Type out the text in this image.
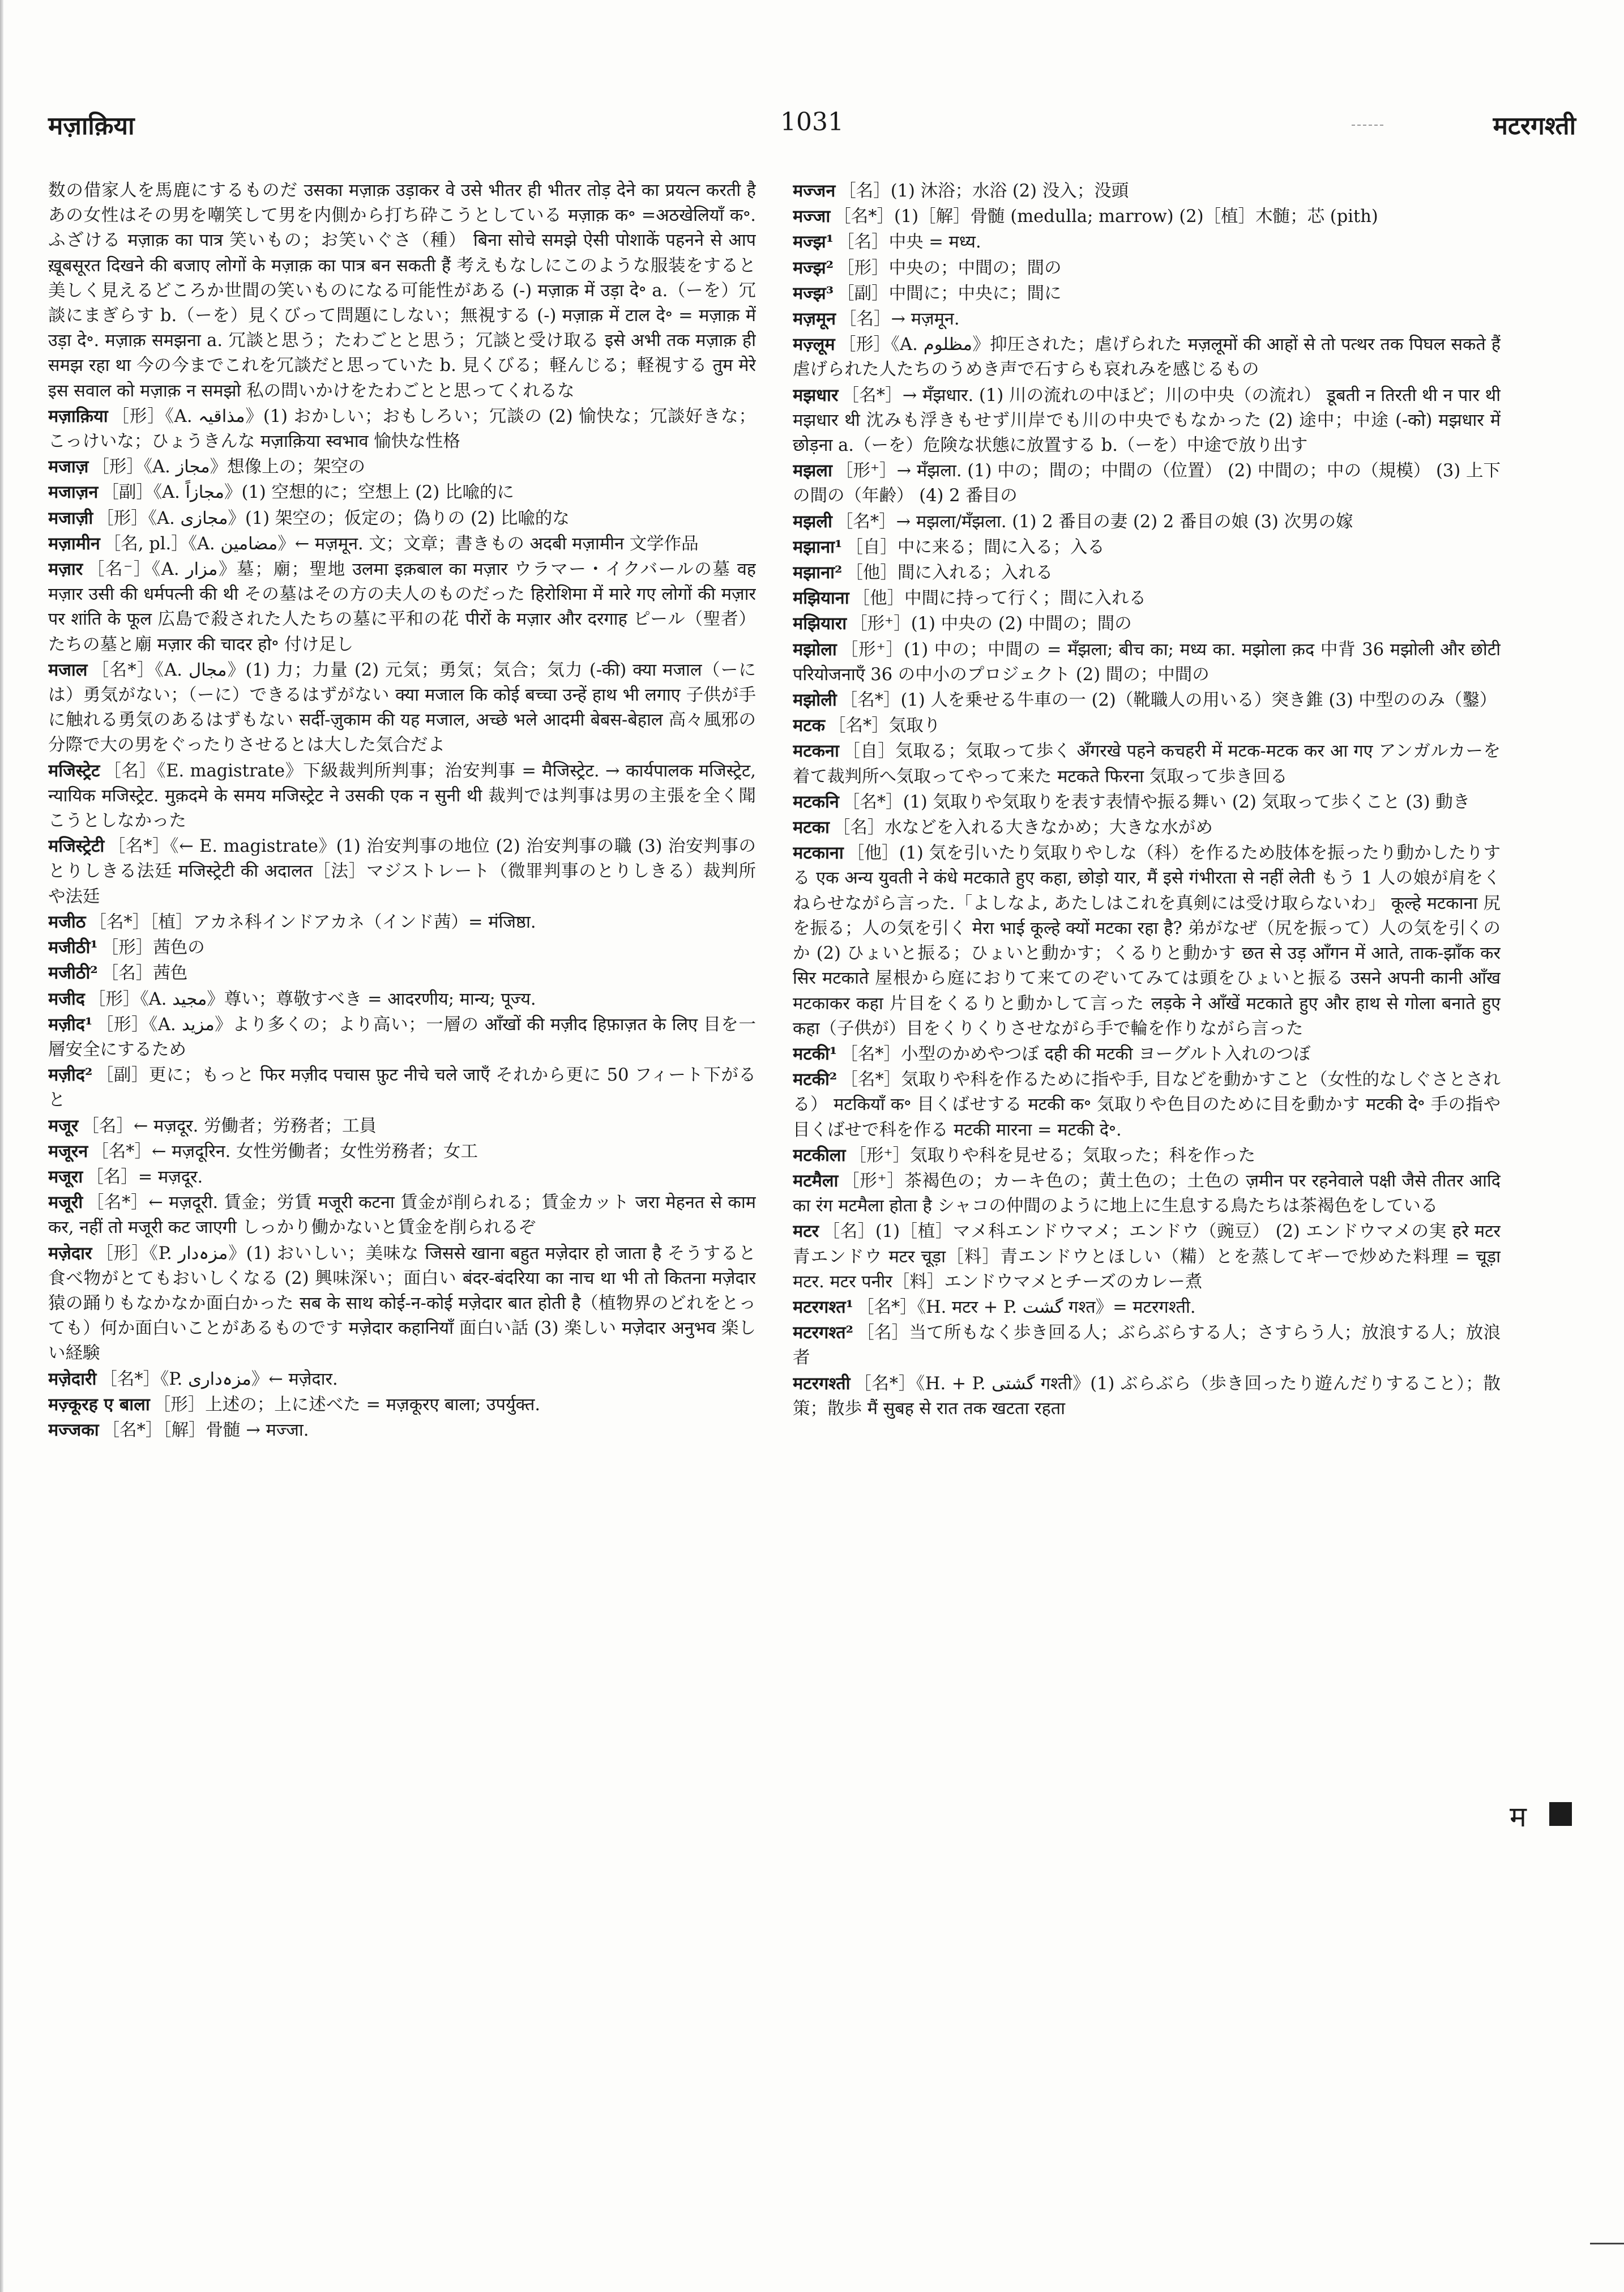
मज़ाक़िया	1031	मटरगश्ती

数の借家人を馬鹿にするものだ उसका मज़ाक़ उड़ाकर वे उसे भीतर ही भीतर तोड़ देने का प्रयत्न करती है あの女性はその男を嘲笑して男を内側から打ち砕こうとしている मज़ाक़ क॰ =अठखेलियाँ क॰. ふざける मज़ाक़ का पात्र 笑いもの；お笑いぐさ（種） बिना सोचे समझे ऐसी पोशाकें पहनने से आप ख़ूबसूरत दिखने की बजाए लोगों के मज़ाक़ का पात्र बन सकती हैं 考えもなしにこのような服装をすると美しく見えるどころか世間の笑いものになる可能性がある (-) मज़ाक़ में उड़ा दे॰ a.（ーを）冗談にまぎらす b.（ーを）見くびって問題にしない；無視する (-) मज़ाक़ में टाल दे॰ = मज़ाक़ में उड़ा दे॰. मज़ाक़ समझना a. 冗談と思う；たわごとと思う；冗談と受け取る इसे अभी तक मज़ाक़ ही समझ रहा था 今の今までこれを冗談だと思っていた b. 見くびる；軽んじる；軽視する तुम मेरे इस सवाल को मज़ाक़ न समझो 私の問いかけをたわごとと思ってくれるな

मज़ाक़िया ［形］《A. مذاقیہ》(1) おかしい；おもしろい；冗談の (2) 愉快な；冗談好きな；こっけいな；ひょうきんな मज़ाक़िया स्वभाव 愉快な性格

मजाज़ ［形］《A. مجاز》想像上の；架空の

मजाज़न ［副］《A. مجازاً》(1) 空想的に；空想上 (2) 比喩的に

मजाज़ी ［形］《A. مجازی》(1) 架空の；仮定の；偽りの (2) 比喩的な

मज़ामीन ［名, pl.］《A. مضامین》← मज़मून. 文；文章；書きもの अदबी मज़ामीन 文学作品

मज़ार ［名⁻］《A. مزار》墓；廟；聖地 उलमा इक़बाल का मज़ार ウラマー・イクバールの墓 वह मज़ार उसी की धर्मपत्नी की थी その墓はその方の夫人のものだった हिरोशिमा में मारे गए लोगों की मज़ार पर शांति के फूल 広島で殺された人たちの墓に平和の花 पीरों के मज़ार और दरगाह ピール（聖者）たちの墓と廟 मज़ार की चादर हो॰ 付け足し

मजाल ［名*］《A. مجال》(1) 力；力量 (2) 元気；勇気；気合；気力 (-की) क्या मजाल（ーには）勇気がない；（ーに）できるはずがない क्या मजाल कि कोई बच्चा उन्हें हाथ भी लगाए 子供が手に触れる勇気のあるはずもない सर्दी-ज़ुकाम की यह मजाल, अच्छे भले आदमी बेबस-बेहाल 高々風邪の分際で大の男をぐったりさせるとは大した気合だよ

मजिस्ट्रेट ［名］《E. magistrate》下級裁判所判事；治安判事 = मैजिस्ट्रेट. → कार्यपालक मजिस्ट्रेट, न्यायिक मजिस्ट्रेट. मुक़दमे के समय मजिस्ट्रेट ने उसकी एक न सुनी थी 裁判では判事は男の主張を全く聞こうとしなかった

मजिस्ट्रेटी ［名*］《← E. magistrate》(1) 治安判事の地位 (2) 治安判事の職 (3) 治安判事のとりしきる法廷 मजिस्ट्रेटी की अदालत［法］マジストレート（微罪判事のとりしきる）裁判所や法廷

मजीठ ［名*］［植］アカネ科インドアカネ（インド茜）= मंजिष्ठा.

मजीठी¹ ［形］茜色の

मजीठी² ［名］茜色

मजीद ［形］《A. مجید》尊い；尊敬すべき = आदरणीय; मान्य; पूज्य.

मज़ीद¹ ［形］《A. مزید》より多くの；より高い；一層の आँखों की मज़ीद हिफ़ाज़त के लिए 目を一層安全にするため

मज़ीद² ［副］更に；もっと फिर मज़ीद पचास फ़ुट नीचे चले जाएँ それから更に 50 フィート下がると

मजूर ［名］← मज़दूर. 労働者；労務者；工員

मजूरन ［名*］← मज़दूरिन. 女性労働者；女性労務者；女工

मजूरा ［名］= मज़दूर.

मजूरी ［名*］← मज़दूरी. 賃金；労賃 मजूरी कटना 賃金が削られる；賃金カット जरा मेहनत से काम कर, नहीं तो मजूरी कट जाएगी しっかり働かないと賃金を削られるぞ

मज़ेदार ［形］《P. مزہ‌دار》(1) おいしい；美味な जिससे खाना बहुत मज़ेदार हो जाता है そうすると食べ物がとてもおいしくなる (2) 興味深い；面白い बंदर-बंदरिया का नाच था भी तो कितना मज़ेदार 猿の踊りもなかなか面白かった सब के साथ कोई-न-कोई मज़ेदार बात होती है（植物界のどれをとっても）何か面白いことがあるものです मज़ेदार कहानियाँ 面白い話 (3) 楽しい मज़ेदार अनुभव 楽しい経験

मज़ेदारी ［名*］《P. مزہ‌داری》← मज़ेदार.

मज़्कूरह ए बाला ［形］上述の；上に述べた = मज़कूरए बाला; उपर्युक्त.

मज्जका ［名*］［解］骨髄 → मज्जा.

मज्जन ［名］(1) 沐浴；水浴 (2) 没入；没頭

मज्जा ［名*］(1)［解］骨髄 (medulla; marrow) (2)［植］木髄；芯 (pith)

मज्झ¹ ［名］中央 = मध्य.

मज्झ² ［形］中央の；中間の；間の

मज्झ³ ［副］中間に；中央に；間に

मज़मून ［名］→ मज़मून.

मज़्लूम ［形］《A. مظلوم》抑圧された；虐げられた मज़लूमों की आहों से तो पत्थर तक पिघल सकते हैं 虐げられた人たちのうめき声で石すらも哀れみを感じるもの

मझधार ［名*］→ मँझधार. (1) 川の流れの中ほど；川の中央（の流れ） डूबती न तिरती थी न पार थी मझधार थी 沈みも浮きもせず川岸でも川の中央でもなかった (2) 途中；中途 (-को) मझधार में छोड़ना a.（ーを）危険な状態に放置する b.（ーを）中途で放り出す

मझला ［形⁺］→ मँझला. (1) 中の；間の；中間の（位置） (2) 中間の；中の（規模） (3) 上下の間の（年齢） (4) 2 番目の

मझली ［名*］→ मझला/मँझला. (1) 2 番目の妻 (2) 2 番目の娘 (3) 次男の嫁

मझाना¹ ［自］中に来る；間に入る；入る

मझाना² ［他］間に入れる；入れる

मझियाना ［他］中間に持って行く；間に入れる

मझियारा ［形⁺］(1) 中央の (2) 中間の；間の

मझोला ［形⁺］(1) 中の；中間の = मँझला; बीच का; मध्य का. मझोला क़द 中背 36 मझोली और छोटी परियोजनाएँ 36 の中小のプロジェクト (2) 間の；中間の

मझोली ［名*］(1) 人を乗せる牛車の一 (2)（靴職人の用いる）突き錐 (3) 中型ののみ（鑿）

मटक ［名*］気取り

मटकना ［自］気取る；気取って歩く अँगरखे पहने कचहरी में मटक-मटक कर आ गए アンガルカーを着て裁判所へ気取ってやって来た मटकते फिरना 気取って歩き回る

मटकनि ［名*］(1) 気取りや気取りを表す表情や振る舞い (2) 気取って歩くこと (3) 動き

मटका ［名］水などを入れる大きなかめ；大きな水がめ

मटकाना ［他］(1) 気を引いたり気取りやしな（科）を作るため肢体を振ったり動かしたりする एक अन्य युवती ने कंधे मटकाते हुए कहा, छोड़ो यार, मैं इसे गंभीरता से नहीं लेती もう 1 人の娘が肩をくねらせながら言った.「よしなよ, あたしはこれを真剣には受け取らないわ」 कूल्हे मटकाना 尻を振る；人の気を引く मेरा भाई कूल्हे क्यों मटका रहा है? 弟がなぜ（尻を振って）人の気を引くのか (2) ひょいと振る；ひょいと動かす；くるりと動かす छत से उड़ आँगन में आते, ताक-झाँक कर सिर मटकाते 屋根から庭におりて来てのぞいてみては頭をひょいと振る उसने अपनी कानी आँख मटकाकर कहा 片目をくるりと動かして言った लड़के ने आँखें मटकाते हुए और हाथ से गोला बनाते हुए कहा（子供が）目をくりくりさせながら手で輪を作りながら言った

मटकी¹ ［名*］小型のかめやつぼ दही की मटकी ヨーグルト入れのつぼ

मटकी² ［名*］気取りや科を作るために指や手, 目などを動かすこと（女性的なしぐさとされる） मटकियाँ क॰ 目くばせする मटकी क॰ 気取りや色目のために目を動かす मटकी दे॰ 手の指や目くばせで科を作る मटकी मारना = मटकी दे॰.

मटकीला ［形⁺］気取りや科を見せる；気取った；科を作った

मटमैला ［形⁺］茶褐色の；カーキ色の；黄土色の；土色の ज़मीन पर रहनेवाले पक्षी जैसे तीतर आदि का रंग मटमैला होता है シャコの仲間のように地上に生息する鳥たちは茶褐色をしている

मटर ［名］(1)［植］マメ科エンドウマメ；エンドウ（豌豆） (2) エンドウマメの実 हरे मटर 青エンドウ मटर चूड़ा［料］青エンドウとほしい（糒）とを蒸してギーで炒めた料理 = चूड़ा मटर. मटर पनीर［料］エンドウマメとチーズのカレー煮

मटरगश्त¹ ［名*］《H. मटर + P. گشت गश्त》= मटरगश्ती.

मटरगश्त² ［名］当て所もなく歩き回る人；ぶらぶらする人；さすらう人；放浪する人；放浪者

मटरगश्ती ［名*］《H. + P. گشتی गश्ती》(1) ぶらぶら（歩き回ったり遊んだりすること）；散策；散歩 मैं सुबह से रात तक खटता रहता

म
